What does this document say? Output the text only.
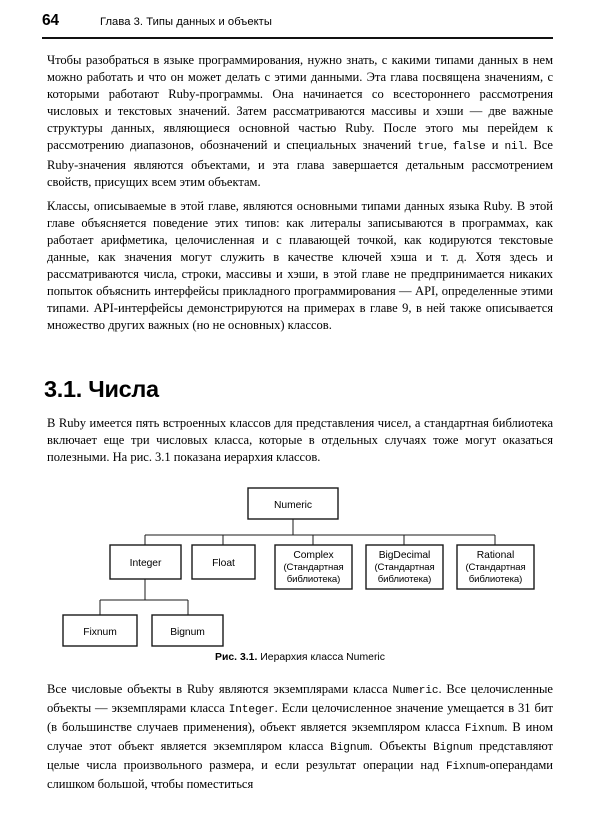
64	Глава 3. Типы данных и объекты

Чтобы разобраться в языке программирования, нужно знать, с какими типами данных в нем можно работать и что он может делать с этими данными. Эта глава посвящена значениям, с которыми работают Ruby-программы. Она начинается со всестороннего рассмотрения числовых и текстовых значений. Затем рассматриваются массивы и хэши — две важные структуры данных, являющиеся основной частью Ruby. После этого мы перейдем к рассмотрению диапазонов, обозначений и специальных значений true, false и nil. Все Ruby-значения являются объектами, и эта глава завершается детальным рассмотрением свойств, присущих всем этим объектам.

Классы, описываемые в этой главе, являются основными типами данных языка Ruby. В этой главе объясняется поведение этих типов: как литералы записываются в программах, как работает арифметика, целочисленная и с плавающей точкой, как кодируются текстовые данные, как значения могут служить в качестве ключей хэша и т. д. Хотя здесь и рассматриваются числа, строки, массивы и хэши, в этой главе не предпринимается никаких попыток объяснить интерфейсы прикладного программирования — API, определенные этими типами. API-интерфейсы демонстрируются на примерах в главе 9, в ней также описывается множество других важных (но не основных) классов.

3.1. Числа

В Ruby имеется пять встроенных классов для представления чисел, а стандартная библиотека включает еще три числовых класса, которые в отдельных случаях тоже могут оказаться полезными. На рис. 3.1 показана иерархия классов.

Numeric
Integer	Float
Complex
(Стандартная
библиотека)
BigDecimal
(Стандартная
библиотека)
Rational
(Стандартная
библиотека)
Fixnum	Bignum
Рис. 3.1. Иерархия класса Numeric

Все числовые объекты в Ruby являются экземплярами класса Numeric. Все целочисленные объекты — экземплярами класса Integer. Если целочисленное значение умещается в 31 бит (в большинстве случаев применения), объект является экземпляром класса Fixnum. В ином случае этот объект является экземпляром класса Bignum. Объекты Bignum представляют целые числа произвольного размера, и если результат операции над Fixnum-операндами слишком большой, чтобы поместиться
